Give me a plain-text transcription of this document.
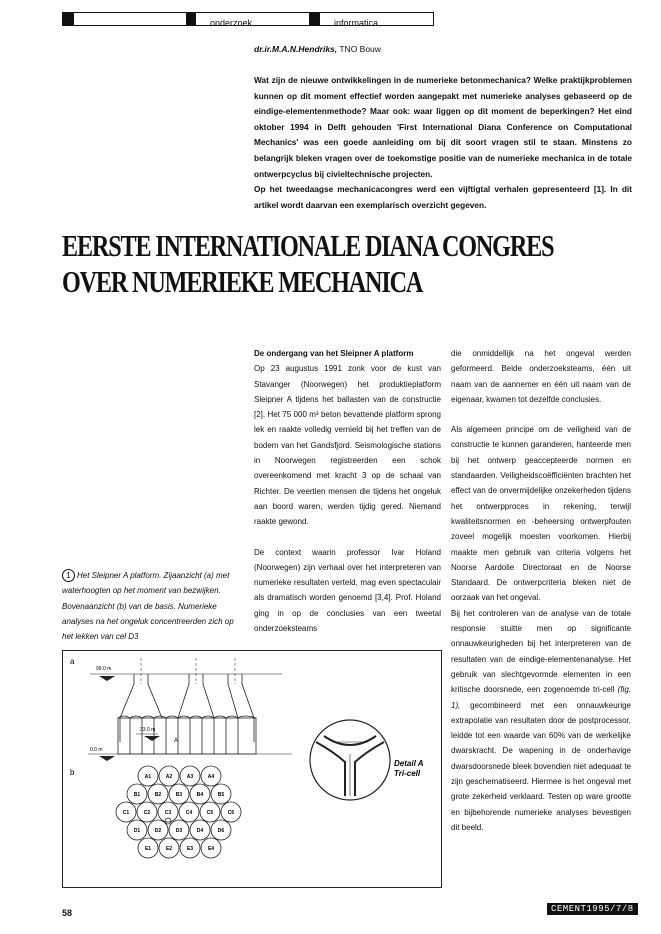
onderzoek	informatica
dr.ir.M.A.N.Hendriks, TNO Bouw

Wat zijn de nieuwe ontwikkelingen in de numerieke betonmechanica? Welke praktijkproblemen kunnen op dit moment effectief worden aangepakt met numerieke analyses gebaseerd op de eindige-elementenmethode? Maar ook: waar liggen op dit moment de beperkingen? Het eind oktober 1994 in Delft gehouden 'First International Diana Conference on Computational Mechanics' was een goede aanleiding om bij dit soort vragen stil te staan. Minstens zo belangrijk bleken vragen over de toekomstige positie van de numerieke mechanica in de totale ontwerpcyclus bij civieltechnische projecten.

Op het tweedaagse mechanicacongres werd een vijftigtal verhalen gepresenteerd [1]. In dit artikel wordt daarvan een exemplarisch overzicht gegeven.

EERSTE INTERNATIONALE DIANA CONGRES
OVER NUMERIEKE MECHANICA

De ondergang van het Sleipner A platform

Op 23 augustus 1991 zonk voor de kust van Stavanger (Noorwegen) het produktieplatform Sleipner A tijdens het ballasten van de constructie [2]. Het 75 000 m³ beton bevattende platform sprong lek en raakte volledig vernield bij het treffen van de bodem van het Gandsfjord. Seismologische stations in Noorwegen registreerden een schok overeenkomend met kracht 3 op de schaal van Richter. De veertien mensen die tijdens het ongeluk aan boord waren, werden tijdig gered. Niemand raakte gewond.

De context waarin professor Ivar Holand (Noorwegen) zijn verhaal over het interpreteren van numerieke resultaten verteld, mag even spectaculair als dramatisch worden genoemd [3,4]. Prof. Holand ging in op de conclusies van een tweetal onderzoeksteams

die onmiddellijk na het ongeval werden geformeerd. Beide onderzoeksteams, één uit naam van de aannemer en één uit naam van de eigenaar, kwamen tot dezelfde conclusies.

Als algemeen principe om de veiligheid van de constructie te kunnen garanderen, hanteerde men bij het ontwerp geaccepteerde normen en standaarden. Veiligheidscoëfficiënten brachten het effect van de onvermijdelijke onzekerheden tijdens het ontwerpproces in rekening, terwijl kwaliteitsnormen en -beheersing ontwerpfouten zoveel mogelijk moesten voorkomen. Hierbij maakte men gebruik van criteria volgens het Noorse Aardolie Directoraat en de Noorse Standaard. De ontwerpcriteria bleken niet de oorzaak van het ongeval.

Bij het controleren van de analyse van de totale responsie stuitte men op significante onnauwkeurigheden bij het interpreteren van de resultaten van de eindige-elementenanalyse. Het gebruik van slechtgevormde elementen in een kritische doorsnede, een zogenoemde tri-cell (fig. 1), gecombineerd met een onnauwkeurige extrapolatie van resultaten door de postprocessor, leidde tot een waarde van 60% van de werkelijke dwarskracht. De wapening in de onderhavige dwarsdoorsnede bleek bovendien niet adequaat te zijn geschematiseerd. Hiermee is het ongeval met grote zekerheid verklaard. Testen op ware grootte en bijbehorende numerieke analyses bevestigen dit beeld.

1 Het Sleipner A platform. Zijaanzicht (a) met waterhoogten op het moment van bezwijken. Bovenaanzicht (b) van de basis. Numerieke analyses na het ongeluk concentreerden zich op het lekken van cel D3
a
b
99.0 m
33.0 m
0.0 m
A
A1	A2	A3	A4
B1	B2	B3	B4	B5
C1	C2	C3	C4	C5	C6
D1	D2	D3	D4	D6
E1	E2	E3	E4
Detail A
Tri-cell
58	CEMENT1995/7/8
